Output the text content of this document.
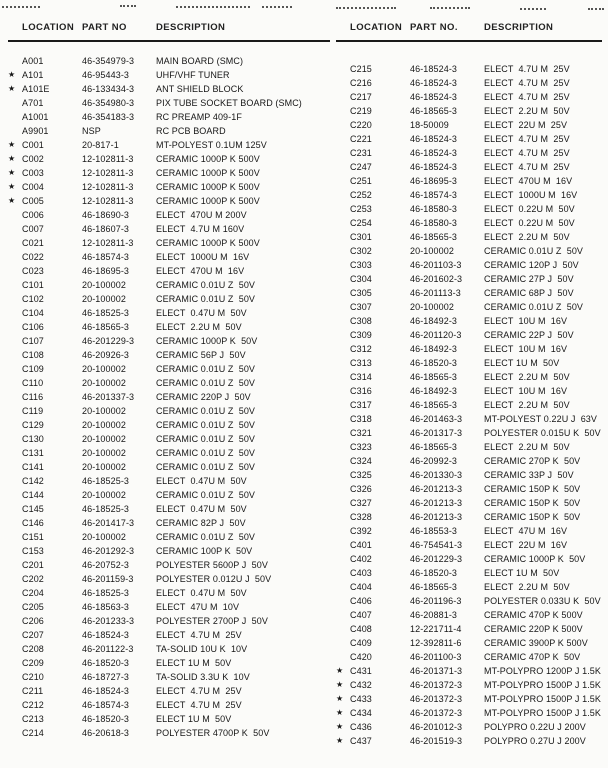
LOCATION PART NO	DESCRIPTION
A001	46-354979-3	MAIN BOARD (SMC)
★ A101	46-95443-3	UHF/VHF TUNER
★ A101E	46-133434-3	ANT SHIELD BLOCK
A701	46-354980-3	PIX TUBE SOCKET BOARD (SMC)
A1001	46-354183-3	RC PREAMP 409-1F
A9901	NSP	RC PCB BOARD
★ C001	20-817-1	MT-POLYEST 0.1UM 125V
★ C002	12-102811-3	CERAMIC 1000P K 500V
★ C003	12-102811-3	CERAMIC 1000P K 500V
★ C004	12-102811-3	CERAMIC 1000P K 500V
★ C005	12-102811-3	CERAMIC 1000P K 500V
C006	46-18690-3	ELECT  470U M 200V
C007	46-18607-3	ELECT  4.7U M 160V
C021	12-102811-3	CERAMIC 1000P K 500V
C022	46-18574-3	ELECT  1000U M  16V
C023	46-18695-3	ELECT  470U M  16V
C101	20-100002	CERAMIC 0.01U Z  50V
C102	20-100002	CERAMIC 0.01U Z  50V
C104	46-18525-3	ELECT  0.47U M  50V
C106	46-18565-3	ELECT  2.2U M  50V
C107	46-201229-3	CERAMIC 1000P K  50V
C108	46-20926-3	CERAMIC 56P J  50V
C109	20-100002	CERAMIC 0.01U Z  50V
C110	20-100002	CERAMIC 0.01U Z  50V
C116	46-201337-3	CERAMIC 220P J  50V
C119	20-100002	CERAMIC 0.01U Z  50V
C129	20-100002	CERAMIC 0.01U Z  50V
C130	20-100002	CERAMIC 0.01U Z  50V
C131	20-100002	CERAMIC 0.01U Z  50V
C141	20-100002	CERAMIC 0.01U Z  50V
C142	46-18525-3	ELECT  0.47U M  50V
C144	20-100002	CERAMIC 0.01U Z  50V
C145	46-18525-3	ELECT  0.47U M  50V
C146	46-201417-3	CERAMIC 82P J  50V
C151	20-100002	CERAMIC 0.01U Z  50V
C153	46-201292-3	CERAMIC 100P K  50V
C201	46-20752-3	POLYESTER 5600P J  50V
C202	46-201159-3	POLYESTER 0.012U J  50V
C204	46-18525-3	ELECT  0.47U M  50V
C205	46-18563-3	ELECT  47U M  10V
C206	46-201233-3	POLYESTER 2700P J  50V
C207	46-18524-3	ELECT  4.7U M  25V
C208	46-201122-3	TA-SOLID 10U K  10V
C209	46-18520-3	ELECT 1U M  50V
C210	46-18727-3	TA-SOLID 3.3U K  10V
C211	46-18524-3	ELECT  4.7U M  25V
C212	46-18574-3	ELECT  4.7U M  25V
C213	46-18520-3	ELECT 1U M  50V
C214	46-20618-3	POLYESTER 4700P K  50V
LOCATION PART NO.	DESCRIPTION
C215	46-18524-3	ELECT  4.7U M  25V
C216	46-18524-3	ELECT  4.7U M  25V
C217	46-18524-3	ELECT  4.7U M  25V
C219	46-18565-3	ELECT  2.2U M  50V
C220	18-50009	ELECT  22U M  25V
C221	46-18524-3	ELECT  4.7U M  25V
C231	46-18524-3	ELECT  4.7U M  25V
C247	46-18524-3	ELECT  4.7U M  25V
C251	46-18695-3	ELECT  470U M  16V
C252	46-18574-3	ELECT  1000U M  16V
C253	46-18580-3	ELECT  0.22U M  50V
C254	46-18580-3	ELECT  0.22U M  50V
C301	46-18565-3	ELECT  2.2U M  50V
C302	20-100002	CERAMIC 0.01U Z  50V
C303	46-201103-3	CERAMIC 120P J  50V
C304	46-201602-3	CERAMIC 27P J  50V
C305	46-201113-3	CERAMIC 68P J  50V
C307	20-100002	CERAMIC 0.01U Z  50V
C308	46-18492-3	ELECT  10U M  16V
C309	46-201120-3	CERAMIC 22P J  50V
C312	46-18492-3	ELECT  10U M  16V
C313	46-18520-3	ELECT 1U M  50V
C314	46-18565-3	ELECT  2.2U M  50V
C316	46-18492-3	ELECT  10U M  16V
C317	46-18565-3	ELECT  2.2U M  50V
C318	46-201463-3	MT-POLYEST 0.22U J  63V
C321	46-201317-3	POLYESTER 0.015U K  50V
C323	46-18565-3	ELECT  2.2U M  50V
C324	46-20992-3	CERAMIC 270P K  50V
C325	46-201330-3	CERAMIC 33P J  50V
C326	46-201213-3	CERAMIC 150P K  50V
C327	46-201213-3	CERAMIC 150P K  50V
C328	46-201213-3	CERAMIC 150P K  50V
C392	46-18553-3	ELECT  47U M  16V
C401	46-754541-3	ELECT  22U M  16V
C402	46-201229-3	CERAMIC 1000P K  50V
C403	46-18520-3	ELECT 1U M  50V
C404	46-18565-3	ELECT  2.2U M  50V
C406	46-201196-3	POLYESTER 0.033U K  50V
C407	46-20881-3	CERAMIC 470P K 500V
C408	12-221711-4	CERAMIC 220P K 500V
C409	12-392811-6	CERAMIC 3900P K 500V
C420	46-201100-3	CERAMIC 470P K  50V
★ C431	46-201371-3	MT-POLYPRO 1200P J 1.5K
★ C432	46-201372-3	MT-POLYPRO 1500P J 1.5K
★ C433	46-201372-3	MT-POLYPRO 1500P J 1.5K
★ C434	46-201372-3	MT-POLYPRO 1500P J 1.5K
★ C436	46-201012-3	POLYPRO 0.22U J 200V
★ C437	46-201519-3	POLYPRO 0.27U J 200V
